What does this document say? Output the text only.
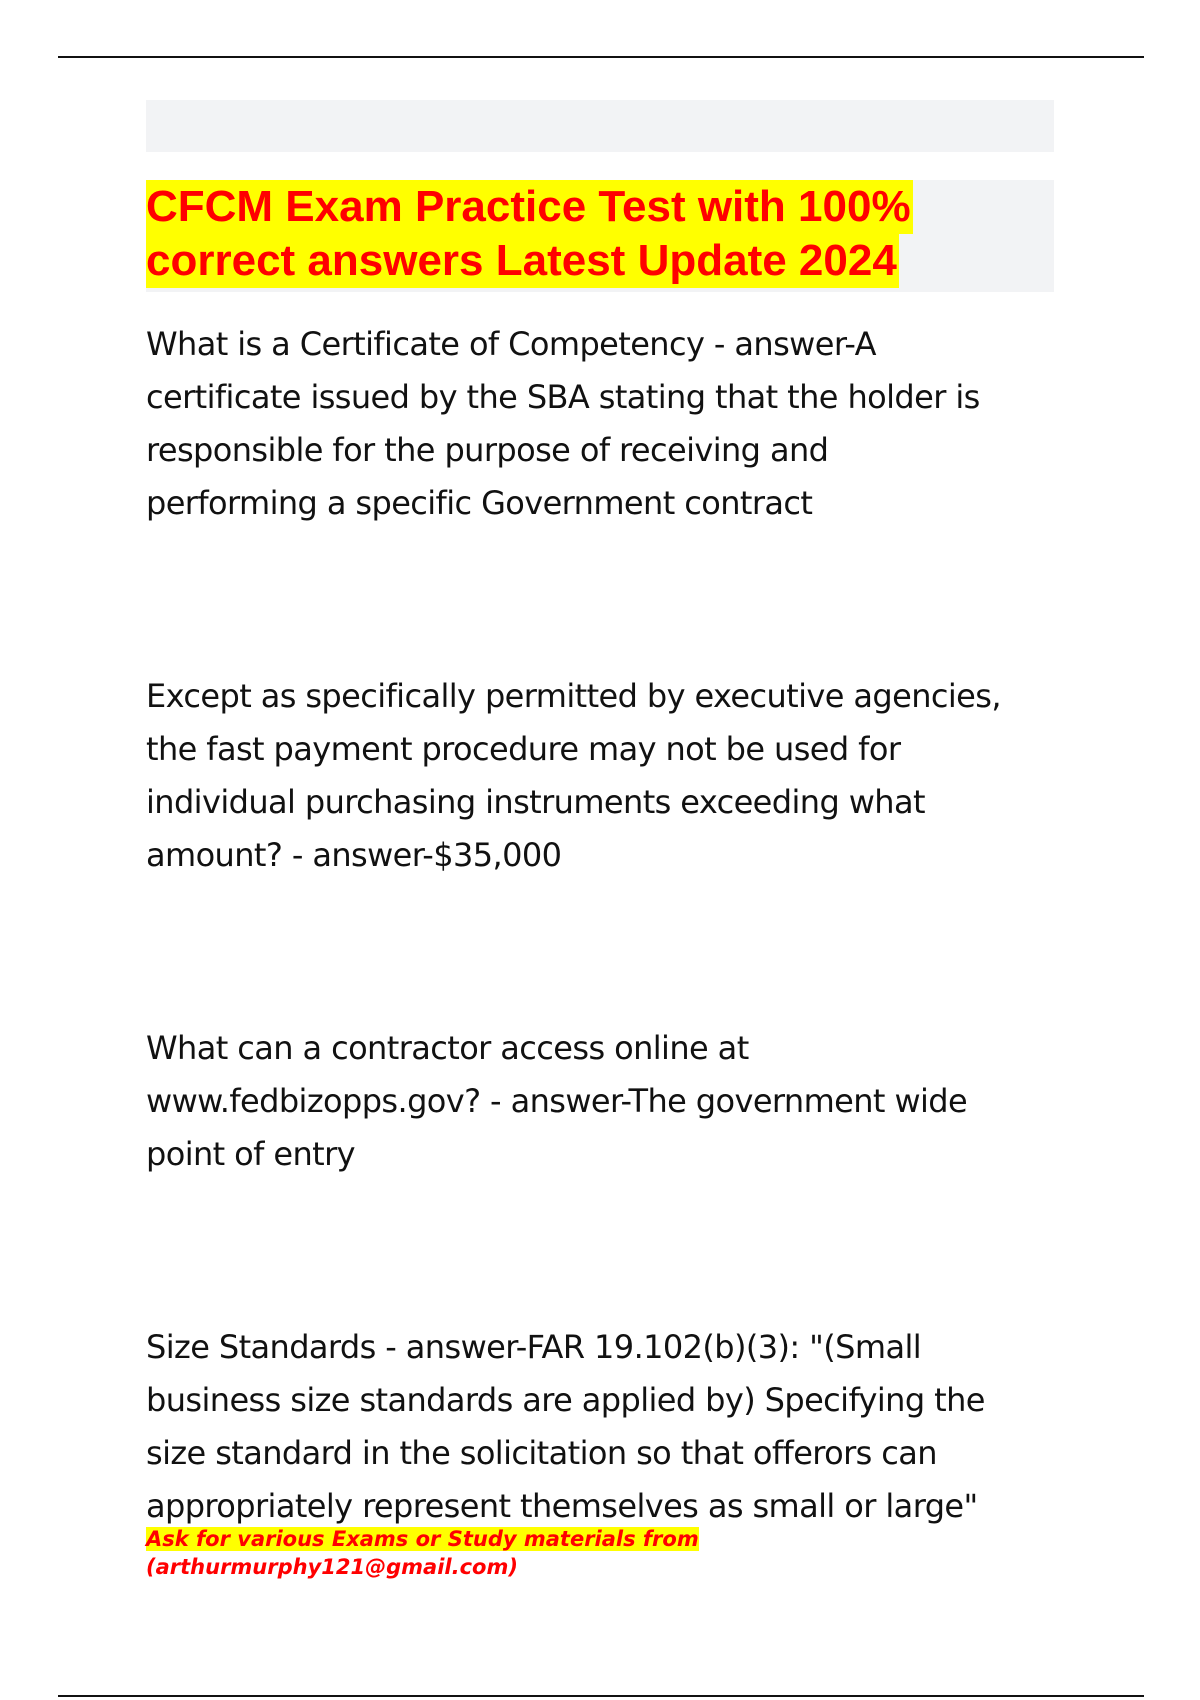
CFCM Exam Practice Test with 100%
correct answers Latest Update 2024
What is a Certificate of Competency - answer-A
certificate issued by the SBA stating that the holder is
responsible for the purpose of receiving and
performing a specific Government contract
Except as specifically permitted by executive agencies,
the fast payment procedure may not be used for
individual purchasing instruments exceeding what
amount? - answer-$35,000
What can a contractor access online at
www.fedbizopps.gov? - answer-The government wide
point of entry
Size Standards - answer-FAR 19.102(b)(3): "(Small
business size standards are applied by) Specifying the
size standard in the solicitation so that offerors can
appropriately represent themselves as small or large"
Ask for various Exams or Study materials from
(arthurmurphy121@gmail.com)
